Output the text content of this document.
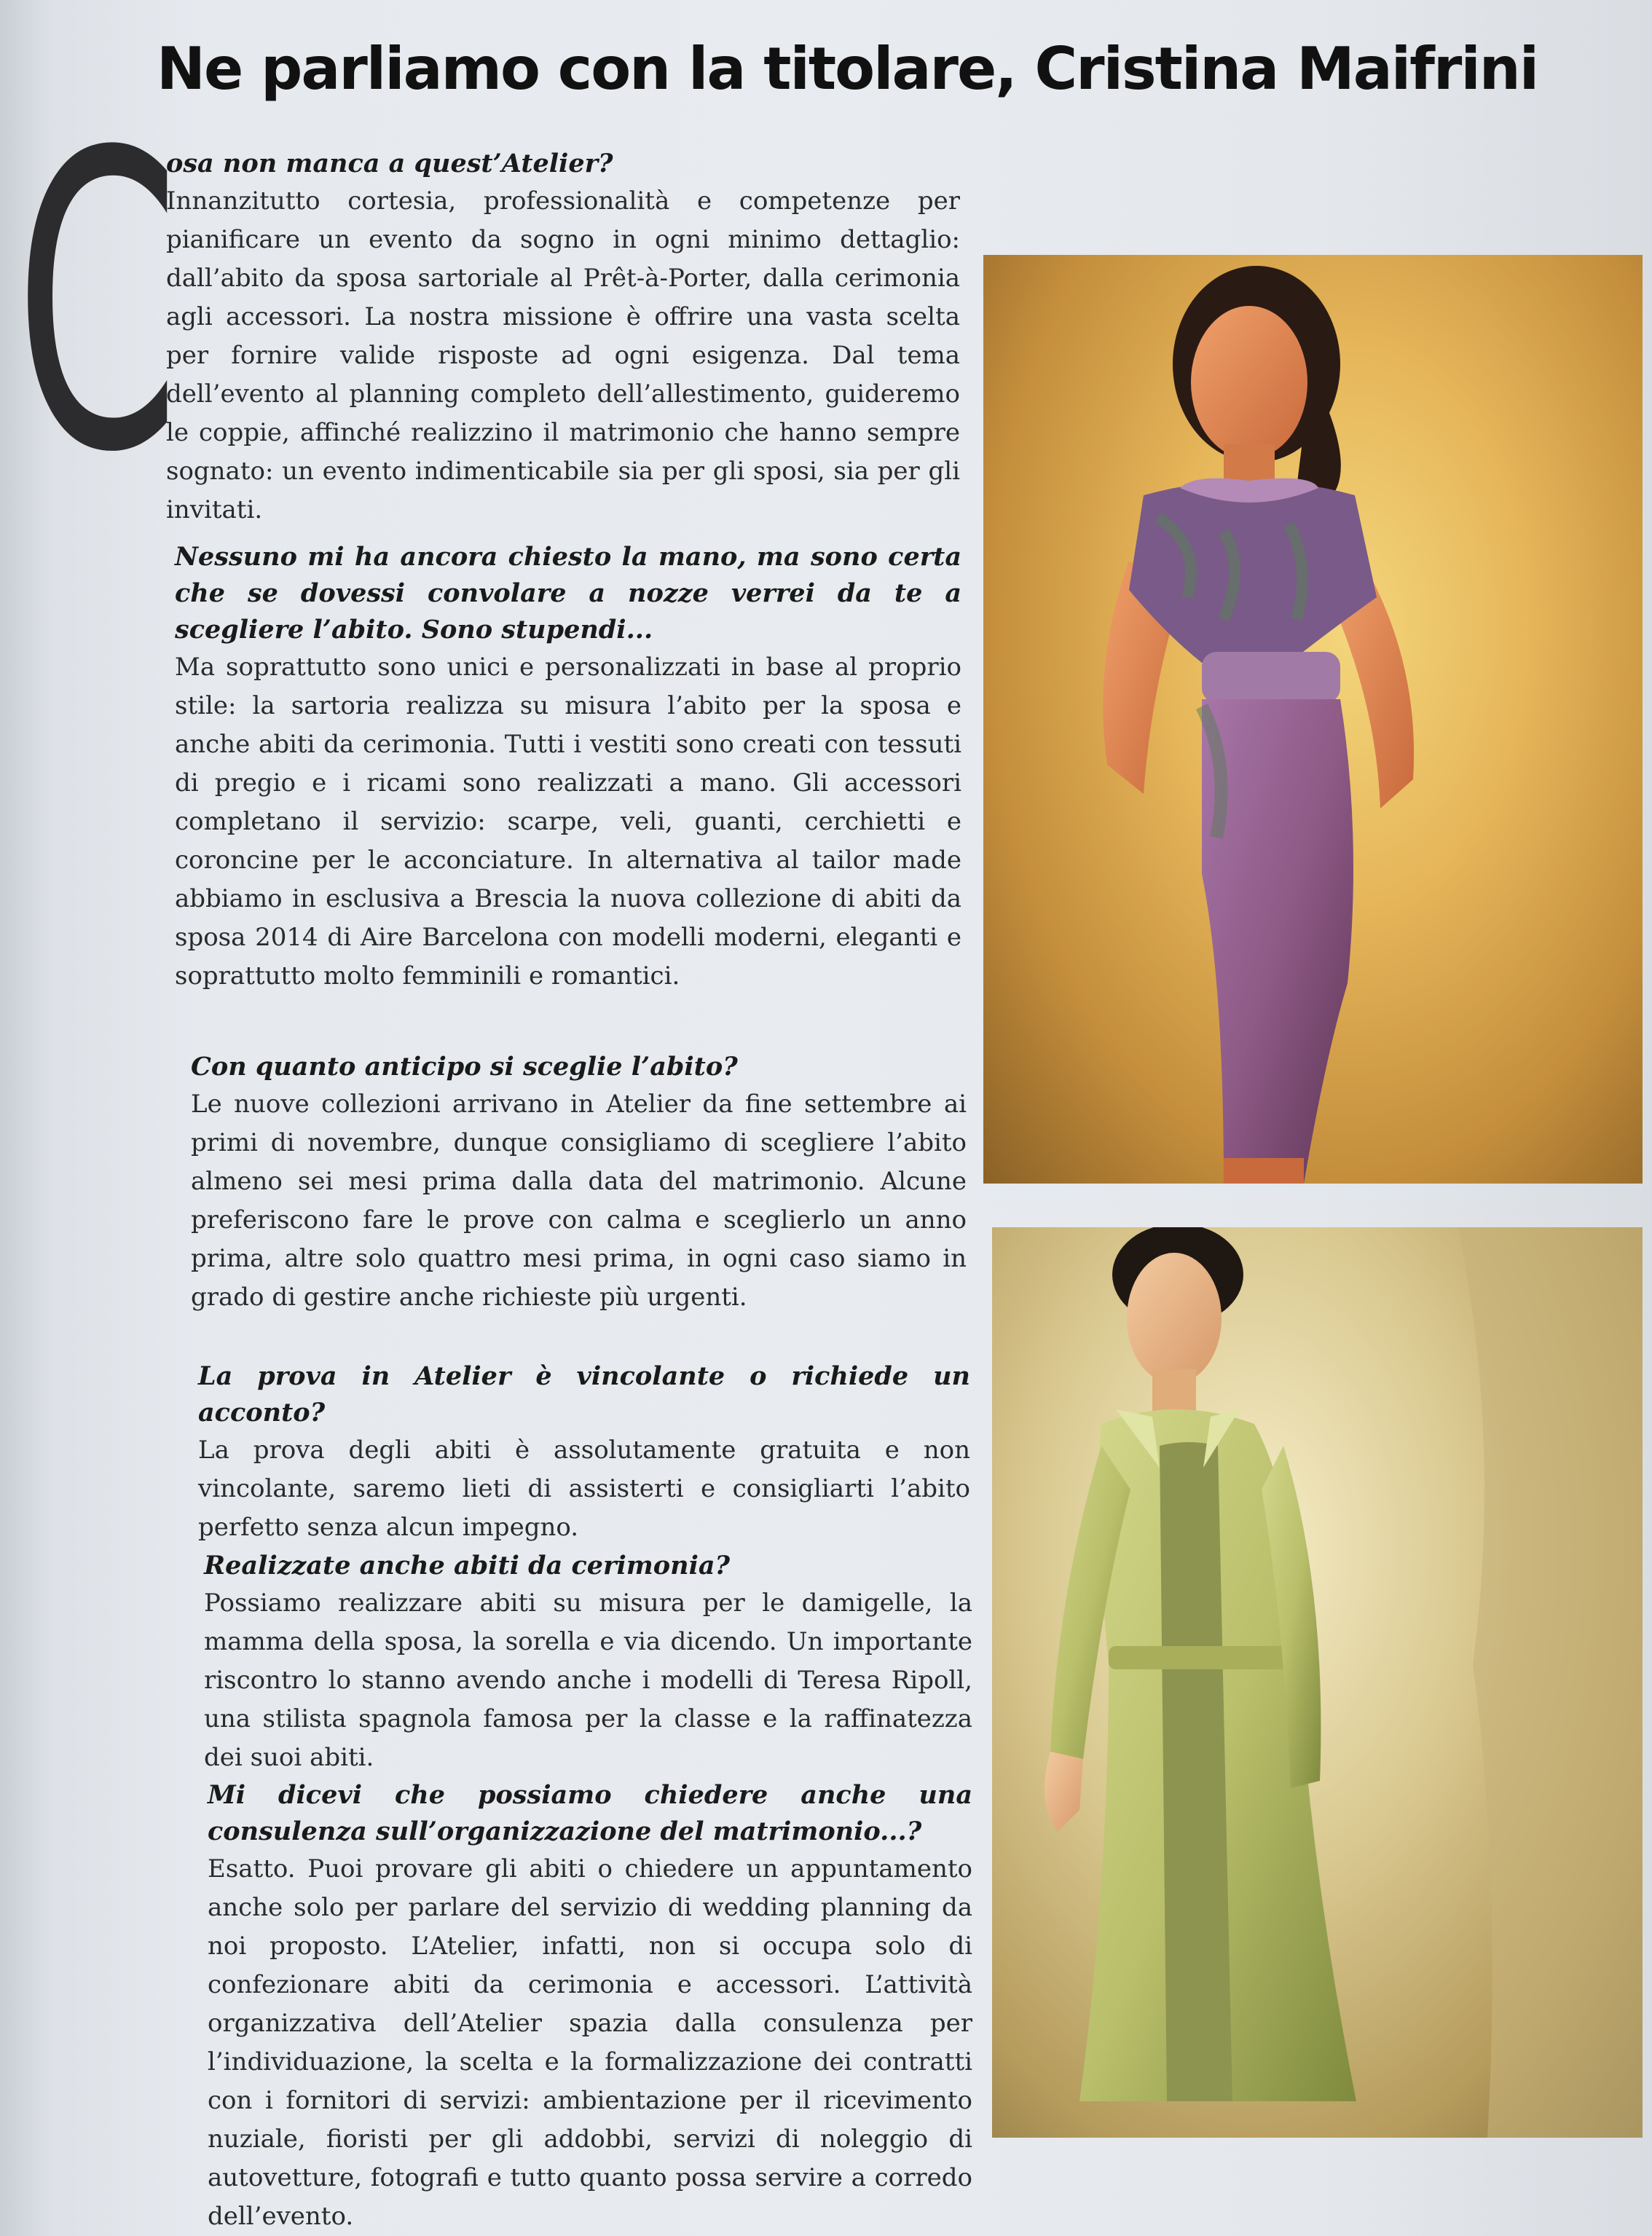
Ne parliamo con la titolare, Cristina Maifrini
C

osa non manca a quest’Atelier?

Innanzitutto cortesia, professionalità e competenze per pianificare un evento da sogno in ogni minimo dettaglio: dall’abito da sposa sartoriale al Prêt-à-Porter, dalla cerimonia agli accessori. La nostra missione è offrire una vasta scelta per fornire valide risposte ad ogni esigenza. Dal tema dell’evento al planning completo dell’allestimento, guideremo le coppie, affinché realizzino il matrimonio che hanno sempre sognato: un evento indimenticabile sia per gli sposi, sia per gli invitati.

Nessuno mi ha ancora chiesto la mano, ma sono certa che se dovessi convolare a nozze verrei da te a scegliere l’abito. Sono stupendi...

Ma soprattutto sono unici e personalizzati in base al proprio stile: la sartoria realizza su misura l’abito per la sposa e anche abiti da cerimonia. Tutti i vestiti sono creati con tessuti di pregio e i ricami sono realizzati a mano. Gli accessori completano il servizio: scarpe, veli, guanti, cerchietti e coroncine per le acconciature. In alternativa al tailor made abbiamo in esclusiva a Brescia la nuova collezione di abiti da sposa 2014 di Aire Barcelona con modelli moderni, eleganti e soprattutto molto femminili e romantici.

Con quanto anticipo si sceglie l’abito?

Le nuove collezioni arrivano in Atelier da fine settembre ai primi di novembre, dunque consigliamo di scegliere l’abito almeno sei mesi prima dalla data del matrimonio. Alcune preferiscono fare le prove con calma e sceglierlo un anno prima, altre solo quattro mesi prima, in ogni caso siamo in grado di gestire anche richieste più urgenti.

La prova in Atelier è vincolante o richiede un acconto?

La prova degli abiti è assolutamente gratuita e non vincolante, saremo lieti di assisterti e consigliarti l’abito perfetto senza alcun impegno.

Realizzate anche abiti da cerimonia?

Possiamo realizzare abiti su misura per le damigelle, la mamma della sposa, la sorella e via dicendo. Un importante riscontro lo stanno avendo anche i modelli di Teresa Ripoll, una stilista spagnola famosa per la classe e la raffinatezza dei suoi abiti.

Mi dicevi che possiamo chiedere anche una consulenza sull’organizzazione del matrimonio...?

Esatto. Puoi provare gli abiti o chiedere un appuntamento anche solo per parlare del servizio di wedding planning da noi proposto. L’Atelier, infatti, non si occupa solo di confezionare abiti da cerimonia e accessori. L’attività organizzativa dell’Atelier spazia dalla consulenza per l’individuazione, la scelta e la formalizzazione dei contratti con i fornitori di servizi: ambientazione per il ricevimento nuziale, fioristi per gli addobbi, servizi di noleggio di autovetture, fotografi e tutto quanto possa servire a corredo dell’evento.
